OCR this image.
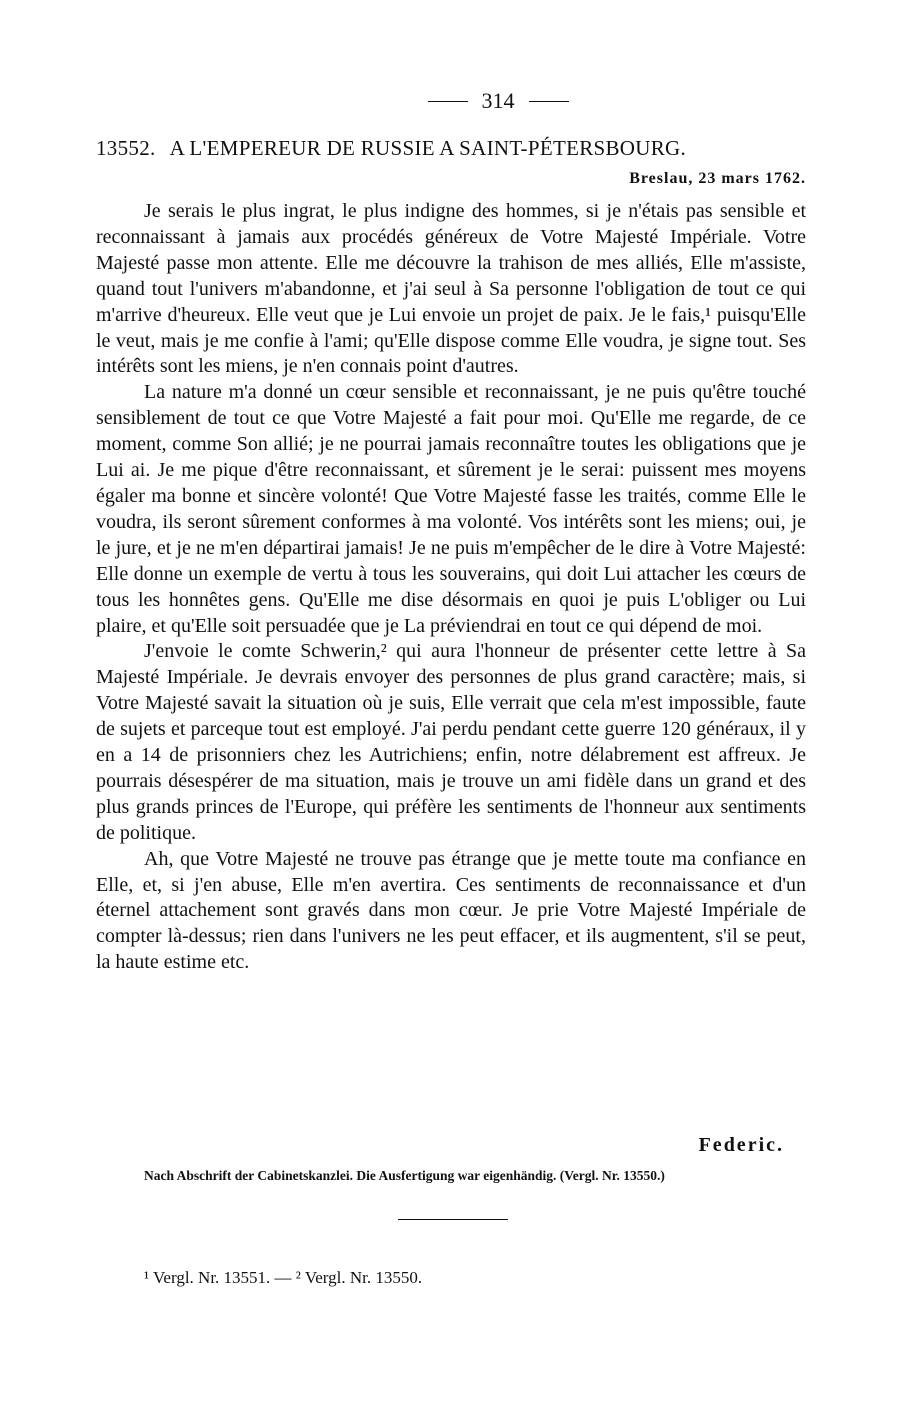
314
13552. A L'EMPEREUR DE RUSSIE A SAINT-PÉTERSBOURG.
Breslau, 23 mars 1762.

Je serais le plus ingrat, le plus indigne des hommes, si je n'étais pas sensible et reconnaissant à jamais aux procédés généreux de Votre Majesté Impériale. Votre Majesté passe mon attente. Elle me découvre la trahison de mes alliés, Elle m'assiste, quand tout l'univers m'abandonne, et j'ai seul à Sa personne l'obligation de tout ce qui m'arrive d'heureux. Elle veut que je Lui envoie un projet de paix. Je le fais,¹ puisqu'Elle le veut, mais je me confie à l'ami; qu'Elle dispose comme Elle voudra, je signe tout. Ses intérêts sont les miens, je n'en connais point d'autres.

La nature m'a donné un cœur sensible et reconnaissant, je ne puis qu'être touché sensiblement de tout ce que Votre Majesté a fait pour moi. Qu'Elle me regarde, de ce moment, comme Son allié; je ne pourrai jamais reconnaître toutes les obligations que je Lui ai. Je me pique d'être reconnaissant, et sûrement je le serai: puissent mes moyens égaler ma bonne et sincère volonté! Que Votre Majesté fasse les traités, comme Elle le voudra, ils seront sûrement conformes à ma volonté. Vos intérêts sont les miens; oui, je le jure, et je ne m'en départirai jamais! Je ne puis m'empêcher de le dire à Votre Majesté: Elle donne un exemple de vertu à tous les souverains, qui doit Lui attacher les cœurs de tous les honnêtes gens. Qu'Elle me dise désormais en quoi je puis L'obliger ou Lui plaire, et qu'Elle soit persuadée que je La préviendrai en tout ce qui dépend de moi.

J'envoie le comte Schwerin,² qui aura l'honneur de présenter cette lettre à Sa Majesté Impériale. Je devrais envoyer des personnes de plus grand caractère; mais, si Votre Majesté savait la situation où je suis, Elle verrait que cela m'est impossible, faute de sujets et parceque tout est employé. J'ai perdu pendant cette guerre 120 généraux, il y en a 14 de prisonniers chez les Autrichiens; enfin, notre délabrement est affreux. Je pourrais désespérer de ma situation, mais je trouve un ami fidèle dans un grand et des plus grands princes de l'Europe, qui préfère les sentiments de l'honneur aux sentiments de politique.

Ah, que Votre Majesté ne trouve pas étrange que je mette toute ma confiance en Elle, et, si j'en abuse, Elle m'en avertira. Ces sentiments de reconnaissance et d'un éternel attachement sont gravés dans mon cœur. Je prie Votre Majesté Impériale de compter là-dessus; rien dans l'univers ne les peut effacer, et ils augmentent, s'il se peut, la haute estime etc.

Federic.
Nach Abschrift der Cabinetskanzlei. Die Ausfertigung war eigenhändig. (Vergl. Nr. 13550.)
¹ Vergl. Nr. 13551. — ² Vergl. Nr. 13550.
